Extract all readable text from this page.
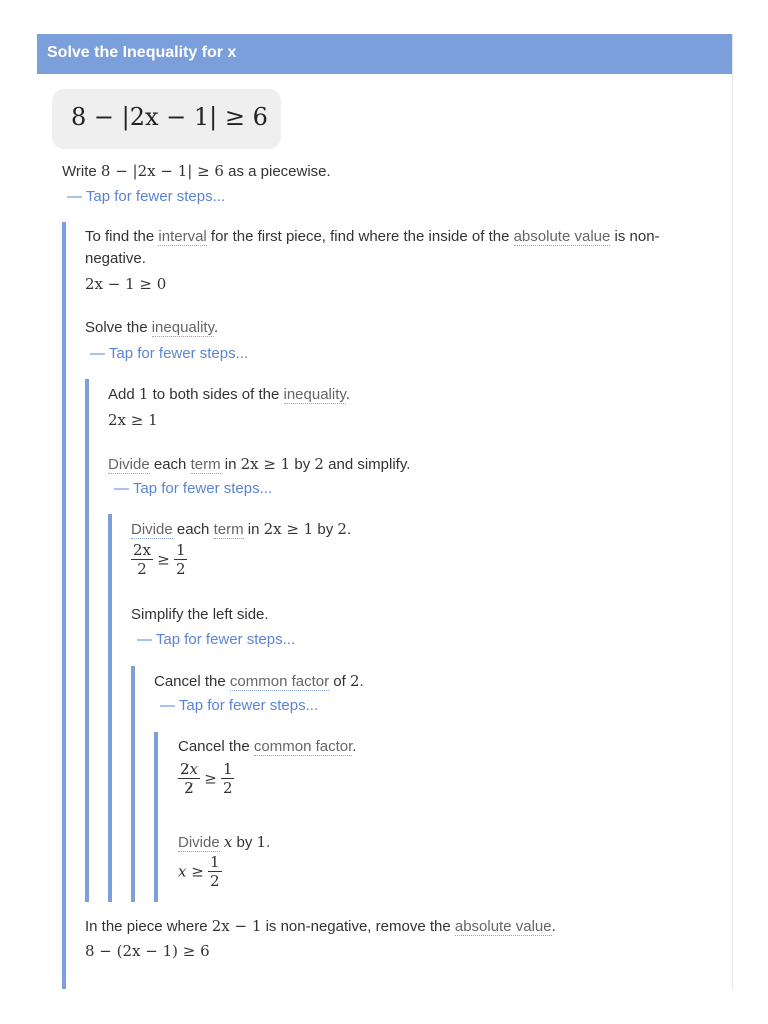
Solve the Inequality for x
8 − |2x − 1| ≥ 6
Write 8 − |2x − 1| ≥ 6 as a piecewise.
— Tap for fewer steps...
To find the interval for the first piece, find where the inside of the absolute value is non-
negative.
2x − 1 ≥ 0
Solve the inequality.
— Tap for fewer steps...
Add 1 to both sides of the inequality.
2x ≥ 1
Divide each term in 2x ≥ 1 by 2 and simplify.
— Tap for fewer steps...
Divide each term in 2x ≥ 1 by 2.
$\frac{2x}{2} \ge \frac{1}{2}$
Simplify the left side.
— Tap for fewer steps...
Cancel the common factor of 2.
— Tap for fewer steps...
Cancel the common factor.
$\frac{2x}{2} \ge \frac{1}{2}$
Divide x by 1.
$x \ge \frac{1}{2}$
In the piece where 2x − 1 is non-negative, remove the absolute value.
8 − (2x − 1) ≥ 6
